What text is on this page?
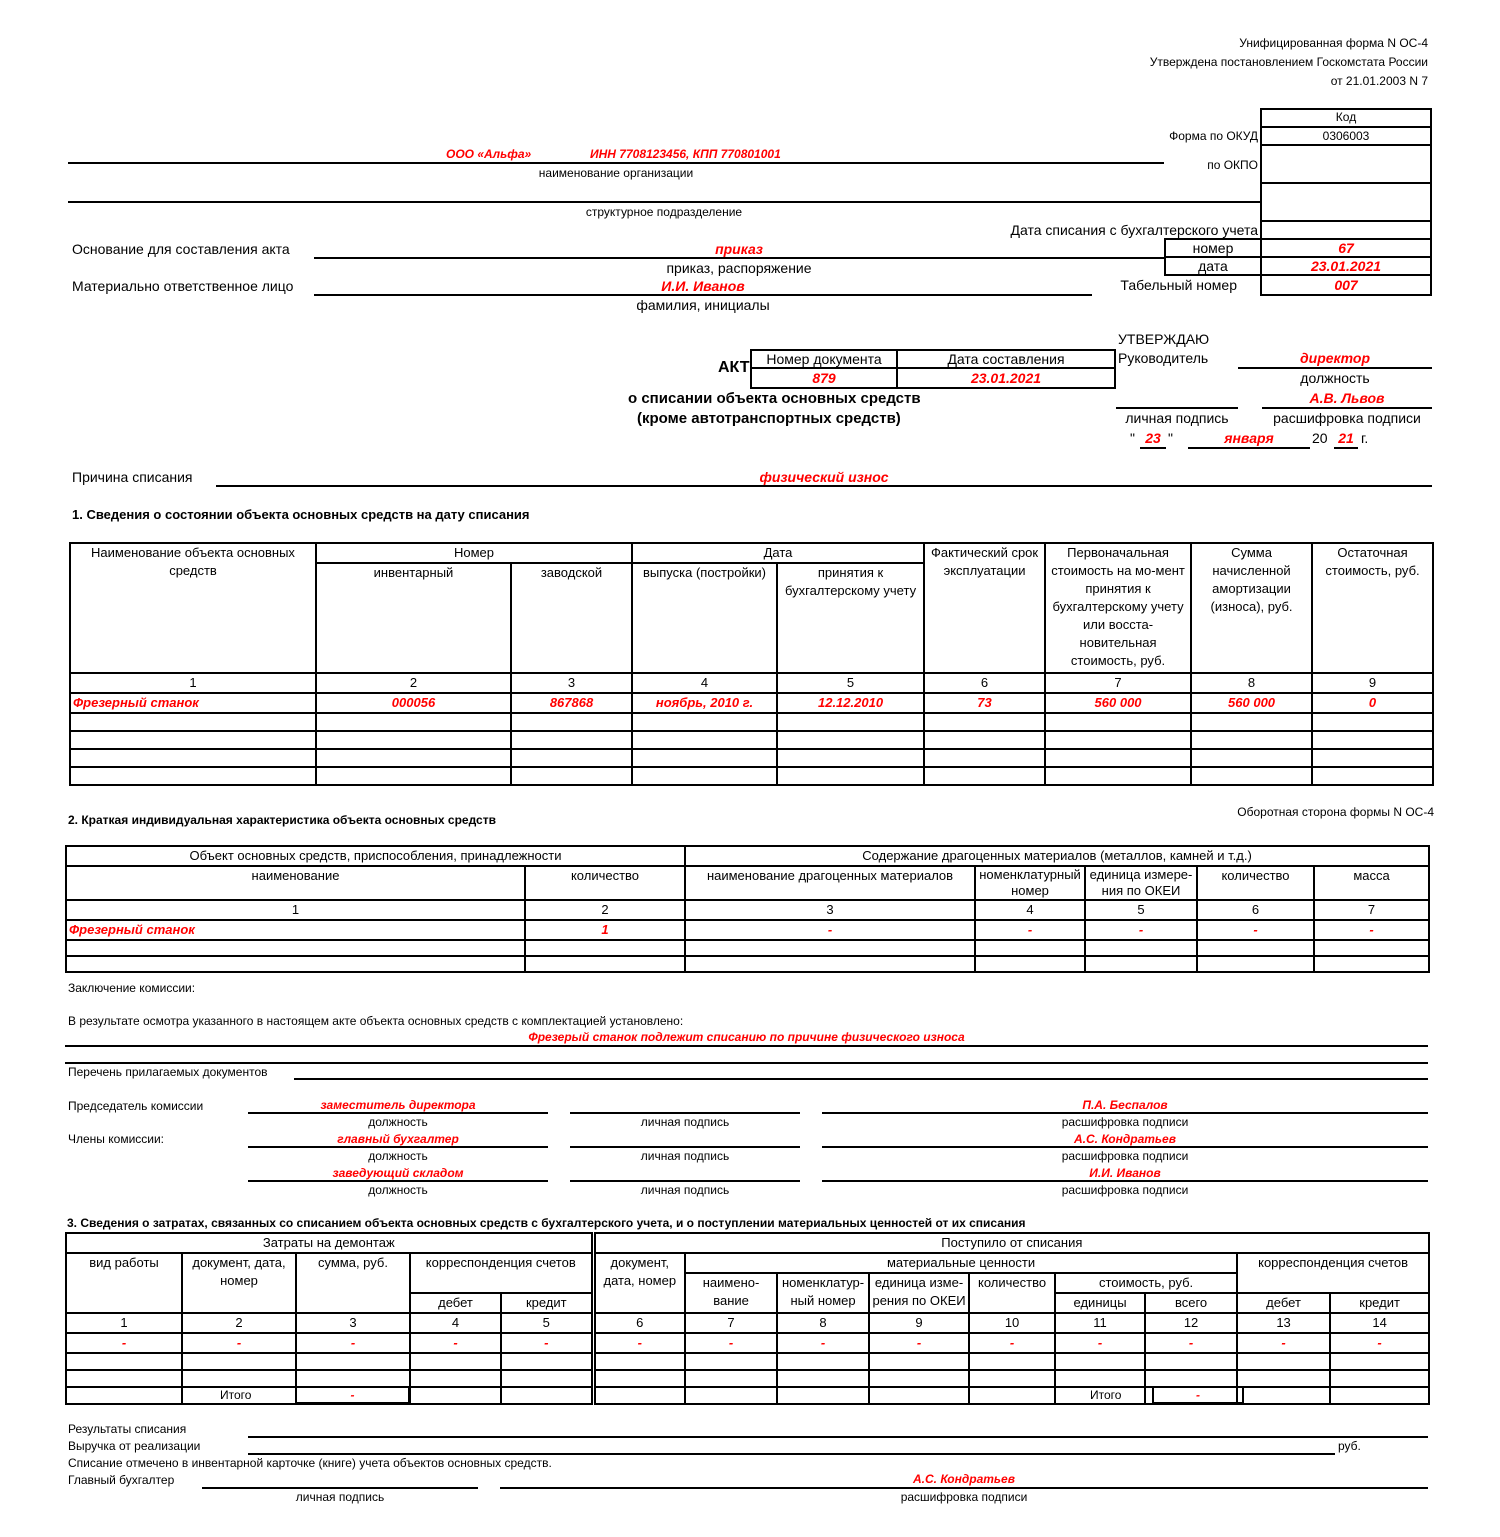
Унифицированная форма N ОС-4
Утверждена постановлением Госкомстата России
от 21.01.2003 N 7
Код
Форма по ОКУД	0306003
по ОКПО
Дата списания с бухгалтерского учета
номер	67
дата	23.01.2021
Табельный номер	007
ООО «Альфа»	ИНН 7708123456, КПП 770801001
наименование организации
структурное подразделение
Основание для составления акта	приказ
приказ, распоряжение
Материально ответственное лицо	И.И. Иванов
фамилия, инициалы
АКТ	Номер документа	Дата составления
879	23.01.2021
о списании объекта основных средств
(кроме автотранспортных средств)
УТВЕРЖДАЮ
Руководитель	директор
должность
А.В. Львов
личная подпись	расшифровка подписи
" 23 "	января	20 21 г.
Причина списания	физический износ
1. Сведения о состоянии объекта основных средств на дату списания
Наименование объекта основных средств	Номер		Дата		Фактический срок эксплуатации	Первоначальная стоимость на мо-мент принятия к бухгалтерскому учету или восста-новительная стоимость, руб.	Сумма начисленной амортизации (износа), руб.	Остаточная стоимость, руб.
	инвентарный	заводской	выпуска (постройки)	принятия к бухгалтерскому учету				
1	2	3	4	5	6	7	8	9
Фрезерный станок	000056	867868	ноябрь, 2010 г.	12.12.2010	73	560 000	560 000	0

Оборотная сторона формы N ОС-4
2. Краткая индивидуальная характеристика объекта основных средств
Объект основных средств, приспособления, принадлежности		Содержание драгоценных материалов (металлов, камней и т.д.)				
наименование	количество	наименование драгоценных материалов	номенклатурный номер	единица измере-ния по ОКЕИ	количество	масса
1	2	3	4	5	6	7
Фрезерный станок	1	-	-	-	-	-

Заключение комиссии:
В результате осмотра указанного в настоящем акте объекта основных средств с комплектацией установлено:
Фрезерый станок подлежит списанию по причине физического износа
Перечень прилагаемых документов
Председатель комиссии
Члены комиссии:
заместитель директора
должность	личная подпись
П.А. Беспалов
расшифровка подписи
главный бухгалтер
должность	личная подпись
А.С. Кондратьев
расшифровка подписи
заведующий складом
должность	личная подпись
И.И. Иванов
расшифровка подписи
3. Сведения о затратах, связанных со списанием объекта основных средств с бухгалтерского учета, и о поступлении материальных ценностей от их списания
Затраты на демонтаж					Поступило от списания								
вид работы	документ, дата, номер	сумма, руб.	корреспонденция счетов		документ, дата, номер	материальные ценности						корреспонденция счетов	
						наимено-вание	номенклатур-ный номер	единица изме-рения по ОКЕИ	количество	стоимость, руб.			
			дебет	кредит						единицы	всего	дебет	кредит
1	2	3	4	5	6	7	8	9	10	11	12	13	14
-	-	-	-	-	-	-	-	-	-	-	-	-	-

Итого	-	Итого	-
Результаты списания
Выручка от реализации	руб.
Списание отмечено в инвентарной карточке (книге) учета объектов основных средств.
Главный бухгалтер
личная подпись
А.С. Кондратьев
расшифровка подписи
